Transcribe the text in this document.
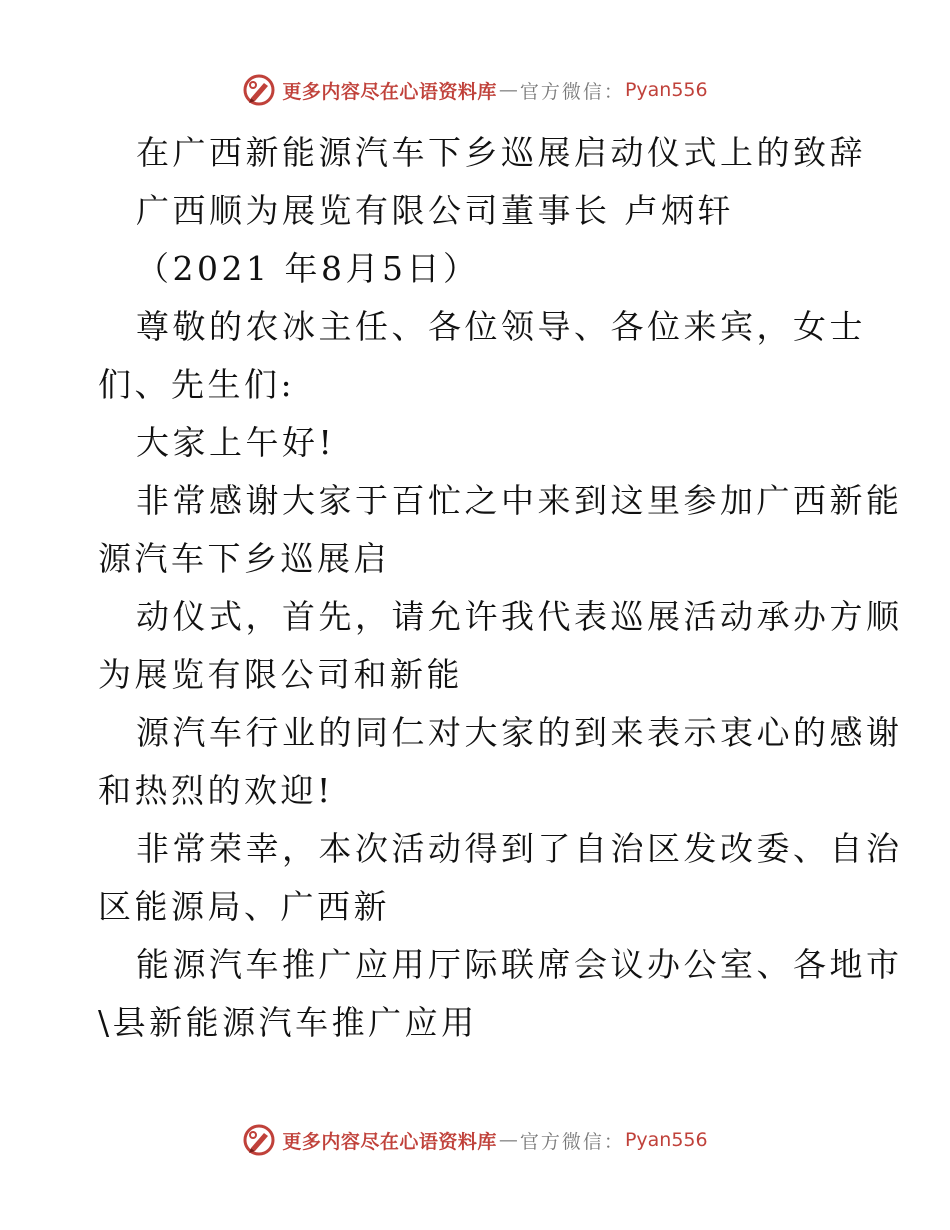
更多内容尽在心语资料库 — 官方微信： Pyan556
在广西新能源汽车下乡巡展启动仪式上的致辞
广西顺为展览有限公司董事长 卢炳轩
（2021 年8月5日）
尊敬的农冰主任、各位领导、各位来宾，女士
们、先生们:
大家上午好!
非常感谢大家于百忙之中来到这里参加广西新能
源汽车下乡巡展启
动仪式，首先，请允许我代表巡展活动承办方顺
为展览有限公司和新能
源汽车行业的同仁对大家的到来表示衷心的感谢
和热烈的欢迎!
非常荣幸，本次活动得到了自治区发改委、自治
区能源局、广西新
能源汽车推广应用厅际联席会议办公室、各地市
\县新能源汽车推广应用
更多内容尽在心语资料库 — 官方微信： Pyan556
